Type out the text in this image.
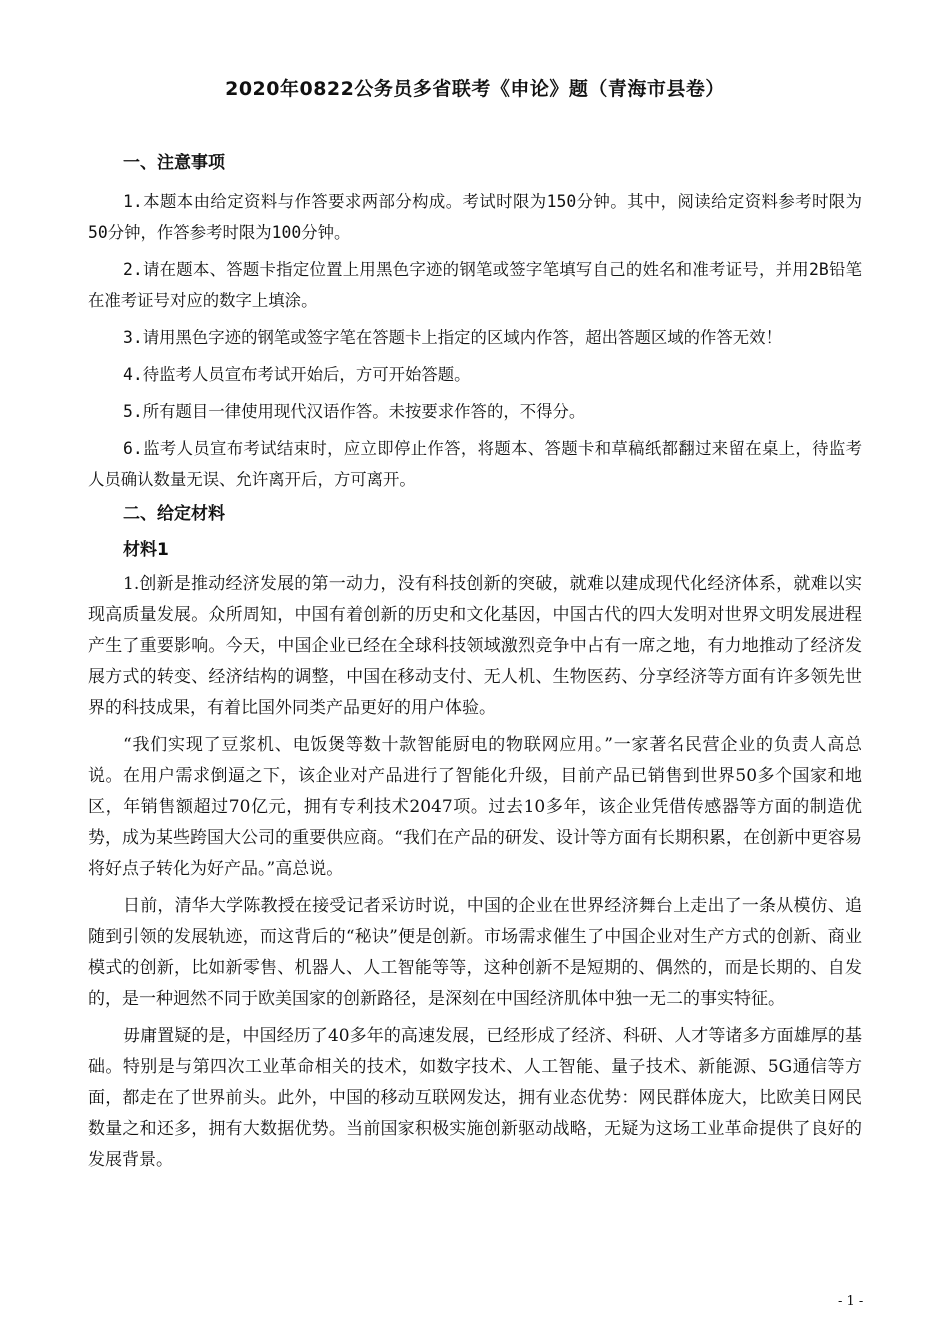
2020年0822公务员多省联考《申论》题（青海市县卷）
一、注意事项

1.本题本由给定资料与作答要求两部分构成。考试时限为150分钟。其中，阅读给定资料参考时限为50分钟，作答参考时限为100分钟。

2.请在题本、答题卡指定位置上用黑色字迹的钢笔或签字笔填写自己的姓名和准考证号，并用2B铅笔在准考证号对应的数字上填涂。

3.请用黑色字迹的钢笔或签字笔在答题卡上指定的区域内作答，超出答题区域的作答无效！

4.待监考人员宣布考试开始后，方可开始答题。

5.所有题目一律使用现代汉语作答。未按要求作答的，不得分。

6.监考人员宣布考试结束时，应立即停止作答，将题本、答题卡和草稿纸都翻过来留在桌上，待监考人员确认数量无误、允许离开后，方可离开。

二、给定材料
材料1

1.创新是推动经济发展的第一动力，没有科技创新的突破，就难以建成现代化经济体系，就难以实现高质量发展。众所周知，中国有着创新的历史和文化基因，中国古代的四大发明对世界文明发展进程产生了重要影响。今天，中国企业已经在全球科技领域激烈竞争中占有一席之地，有力地推动了经济发展方式的转变、经济结构的调整，中国在移动支付、无人机、生物医药、分享经济等方面有许多领先世界的科技成果，有着比国外同类产品更好的用户体验。

“我们实现了豆浆机、电饭煲等数十款智能厨电的物联网应用。”一家著名民营企业的负责人高总说。在用户需求倒逼之下，该企业对产品进行了智能化升级，目前产品已销售到世界50多个国家和地区，年销售额超过70亿元，拥有专利技术2047项。过去10多年，该企业凭借传感器等方面的制造优势，成为某些跨国大公司的重要供应商。“我们在产品的研发、设计等方面有长期积累，在创新中更容易将好点子转化为好产品。”高总说。

日前，清华大学陈教授在接受记者采访时说，中国的企业在世界经济舞台上走出了一条从模仿、追随到引领的发展轨迹，而这背后的“秘诀”便是创新。市场需求催生了中国企业对生产方式的创新、商业模式的创新，比如新零售、机器人、人工智能等等，这种创新不是短期的、偶然的，而是长期的、自发的，是一种迥然不同于欧美国家的创新路径，是深刻在中国经济肌体中独一无二的事实特征。

毋庸置疑的是，中国经历了40多年的高速发展，已经形成了经济、科研、人才等诸多方面雄厚的基础。特别是与第四次工业革命相关的技术，如数字技术、人工智能、量子技术、新能源、5G通信等方面，都走在了世界前头。此外，中国的移动互联网发达，拥有业态优势：网民群体庞大，比欧美日网民数量之和还多，拥有大数据优势。当前国家积极实施创新驱动战略，无疑为这场工业革命提供了良好的发展背景。

- 1 -
